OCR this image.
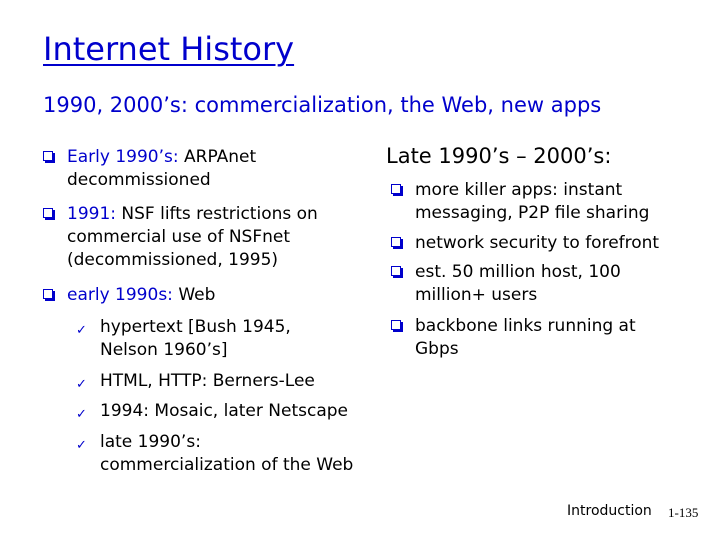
Internet History
1990, 2000’s: commercialization, the Web, new apps
Early 1990’s: ARPAnet decommissioned
1991: NSF lifts restrictions on commercial use of NSFnet (decommissioned, 1995)
early 1990s: Web
✓ hypertext [Bush 1945, Nelson 1960’s]
✓ HTML, HTTP: Berners-Lee
✓ 1994: Mosaic, later Netscape
✓ late 1990’s:
commercialization of the Web
Late 1990’s – 2000’s:
more killer apps: instant messaging, P2P file sharing
network security to forefront
est. 50 million host, 100 million+ users
backbone links running at Gbps
Introduction 1-135
